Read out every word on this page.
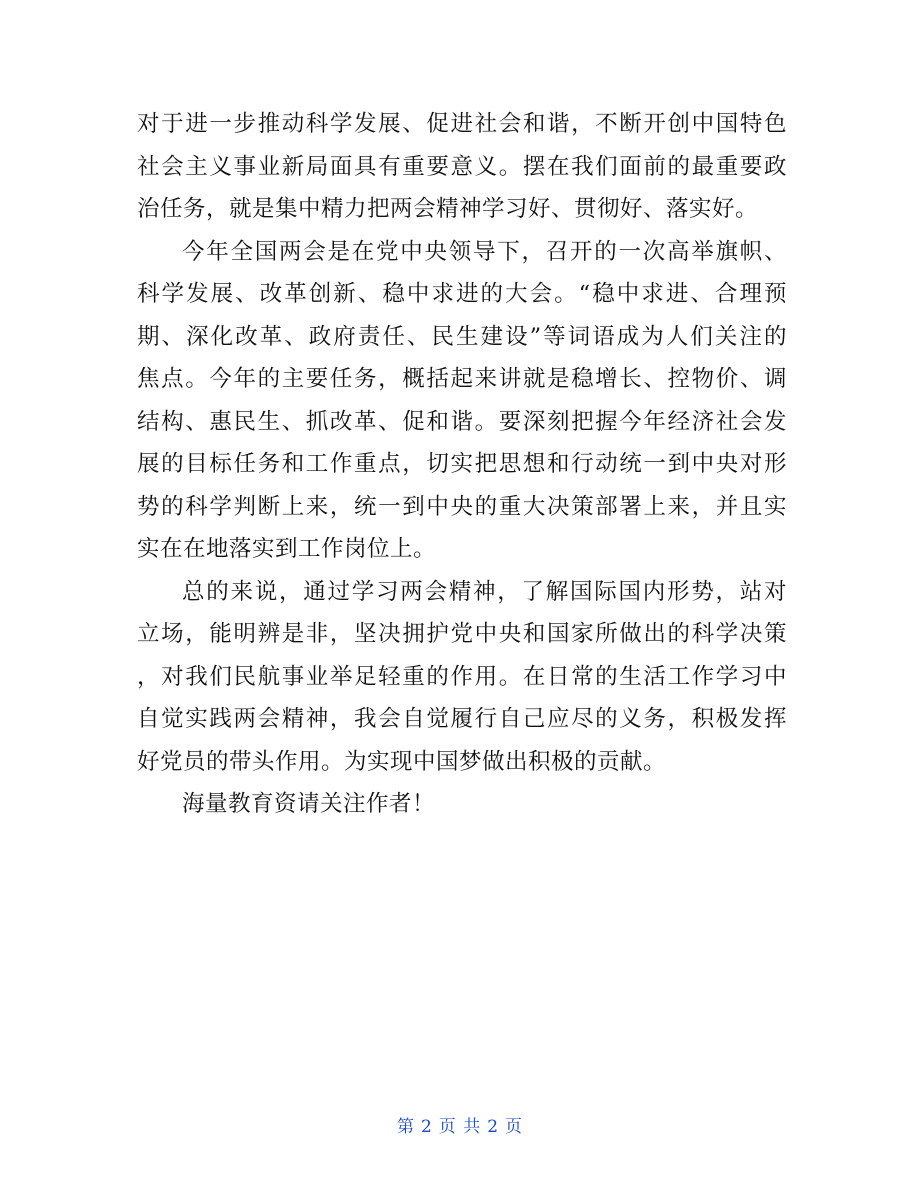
对于进一步推动科学发展、促进社会和谐，不断开创中国特色
社会主义事业新局面具有重要意义。摆在我们面前的最重要政
治任务，就是集中精力把两会精神学习好、贯彻好、落实好。
今年全国两会是在党中央领导下，召开的一次高举旗帜、
科学发展、改革创新、稳中求进的大会。“稳中求进、合理预
期、深化改革、政府责任、民生建设”等词语成为人们关注的
焦点。今年的主要任务，概括起来讲就是稳增长、控物价、调
结构、惠民生、抓改革、促和谐。要深刻把握今年经济社会发
展的目标任务和工作重点，切实把思想和行动统一到中央对形
势的科学判断上来，统一到中央的重大决策部署上来，并且实
实在在地落实到工作岗位上。
总的来说，通过学习两会精神，了解国际国内形势，站对
立场，能明辨是非，坚决拥护党中央和国家所做出的科学决策
，对我们民航事业举足轻重的作用。在日常的生活工作学习中
自觉实践两会精神，我会自觉履行自己应尽的义务，积极发挥
好党员的带头作用。为实现中国梦做出积极的贡献。
海量教育资请关注作者！
第 2 页 共 2 页
